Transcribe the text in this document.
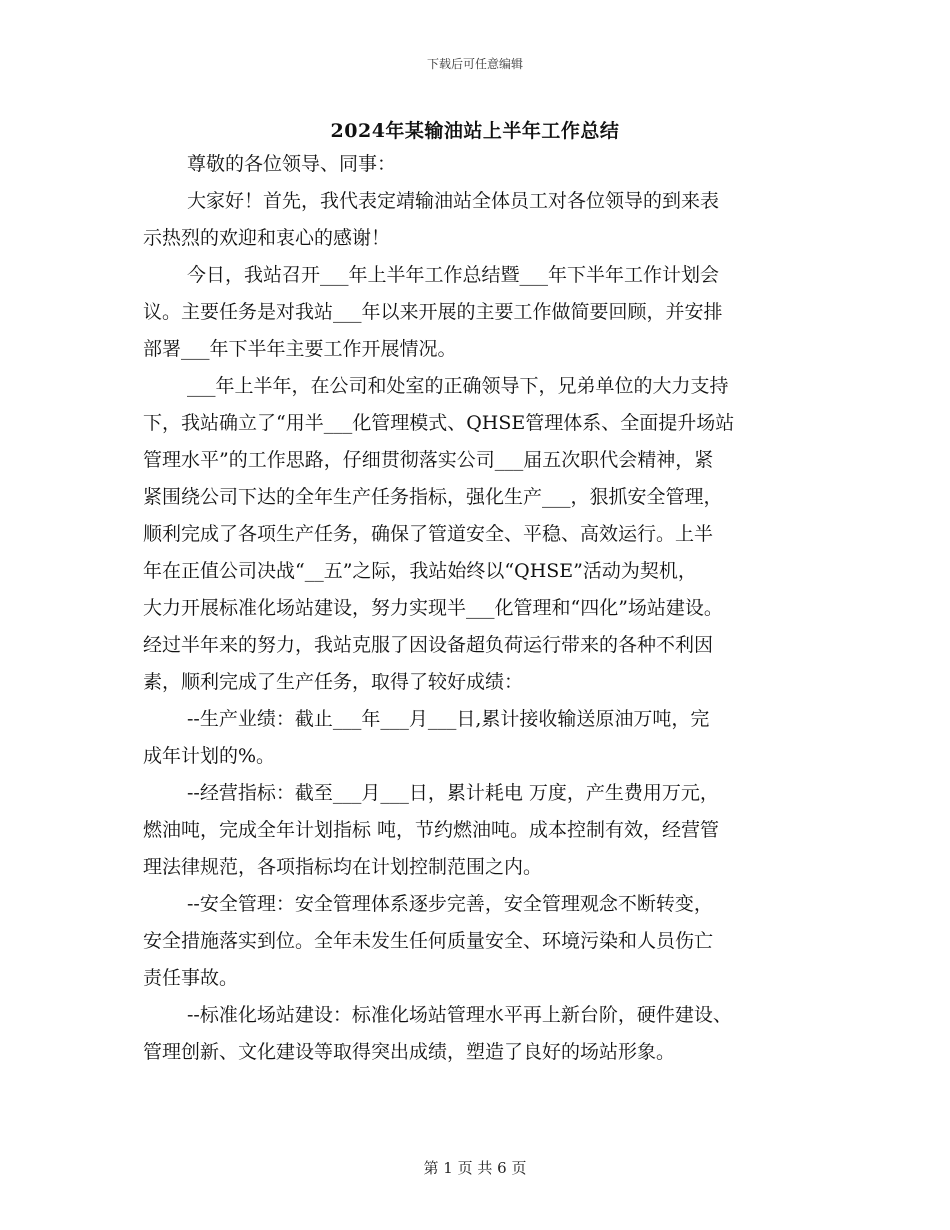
下载后可任意编辑
2024年某输油站上半年工作总结
尊敬的各位领导、同事：
大家好！首先，我代表定靖输油站全体员工对各位领导的到来表
示热烈的欢迎和衷心的感谢！
今日，我站召开___年上半年工作总结暨___年下半年工作计划会
议。主要任务是对我站___年以来开展的主要工作做简要回顾，并安排
部署___年下半年主要工作开展情况。
___年上半年，在公司和处室的正确领导下，兄弟单位的大力支持
下，我站确立了“用半___化管理模式、QHSE管理体系、全面提升场站
管理水平”的工作思路，仔细贯彻落实公司___届五次职代会精神，紧
紧围绕公司下达的全年生产任务指标，强化生产___，狠抓安全管理，
顺利完成了各项生产任务，确保了管道安全、平稳、高效运行。上半
年在正值公司决战“__五”之际，我站始终以“QHSE”活动为契机，
大力开展标准化场站建设，努力实现半___化管理和“四化”场站建设。
经过半年来的努力，我站克服了因设备超负荷运行带来的各种不利因
素，顺利完成了生产任务，取得了较好成绩：
--生产业绩：截止___年___月___日,累计接收输送原油万吨，完
成年计划的%。
--经营指标：截至___月___日，累计耗电 万度，产生费用万元，
燃油吨，完成全年计划指标 吨，节约燃油吨。成本控制有效，经营管
理法律规范，各项指标均在计划控制范围之内。
--安全管理：安全管理体系逐步完善，安全管理观念不断转变，
安全措施落实到位。全年未发生任何质量安全、环境污染和人员伤亡
责任事故。
--标准化场站建设：标准化场站管理水平再上新台阶，硬件建设、
管理创新、文化建设等取得突出成绩，塑造了良好的场站形象。
第 1 页 共 6 页
